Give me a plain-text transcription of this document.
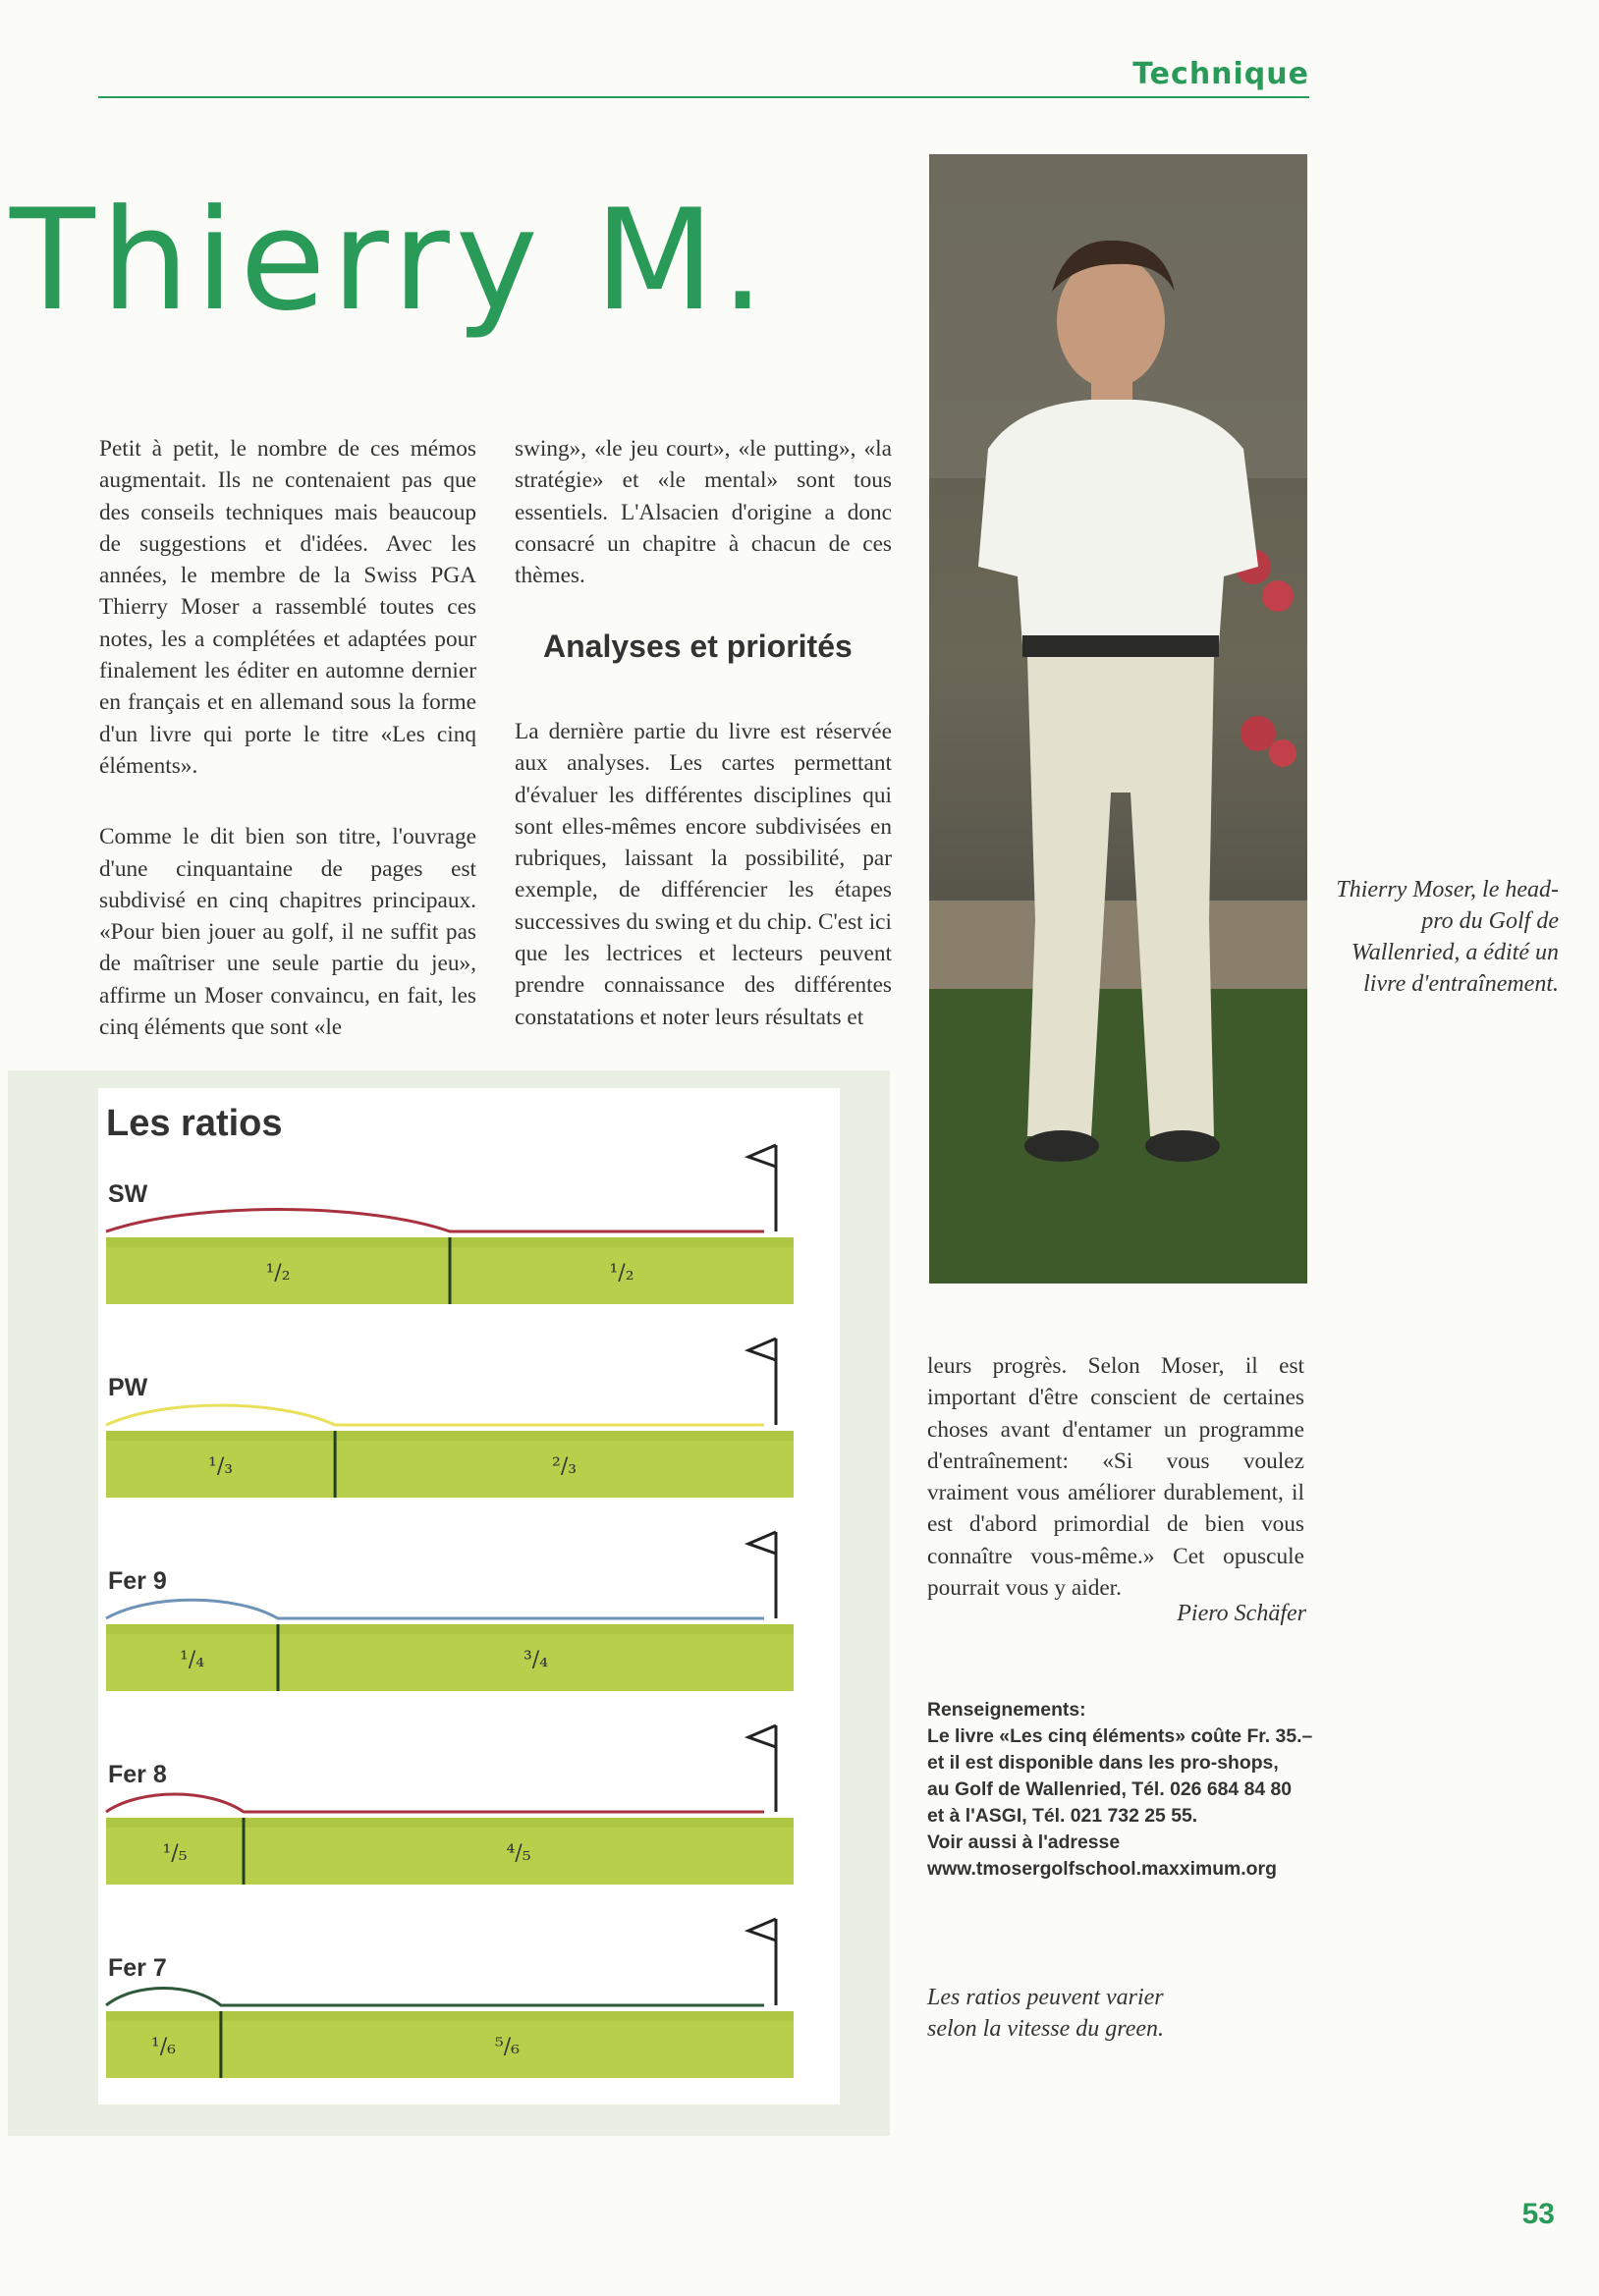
Technique
Thierry M.

Petit à petit, le nombre de ces mémos augmentait. Ils ne contenaient pas que des conseils techniques mais beaucoup de suggestions et d'idées. Avec les années, le membre de la Swiss PGA Thierry Moser a rassemblé toutes ces notes, les a complétées et adaptées pour finalement les éditer en automne dernier en français et en allemand sous la forme d'un livre qui porte le titre «Les cinq éléments».

Comme le dit bien son titre, l'ouvrage d'une cinquantaine de pages est subdivisé en cinq chapitres principaux. «Pour bien jouer au golf, il ne suffit pas de maîtriser une seule partie du jeu», affirme un Moser convaincu, en fait, les cinq éléments que sont «le

swing», «le jeu court», «le putting», «la stratégie» et «le mental» sont tous essentiels. L'Alsacien d'origine a donc consacré un chapitre à chacun de ces thèmes.

Analyses et priorités

La dernière partie du livre est réservée aux analyses. Les cartes permettant d'évaluer les différentes disciplines qui sont elles-mêmes encore subdivisées en rubriques, laissant la possibilité, par exemple, de différencier les étapes successives du swing et du chip. C'est ici que les lectrices et lecteurs peuvent prendre connaissance des différentes constatations et noter leurs résultats et

Thierry Moser, le head-pro du Golf de Wallenried, a édité un livre d'entraînement.

leurs progrès. Selon Moser, il est important d'être conscient de certaines choses avant d'entamer un programme d'entraînement: «Si vous voulez vraiment vous améliorer durablement, il est d'abord primordial de bien vous connaître vous-même.» Cet opuscule pourrait vous y aider.

Piero Schäfer
Renseignements:
Le livre «Les cinq éléments» coûte Fr. 35.–
et il est disponible dans les pro-shops,
au Golf de Wallenried, Tél. 026 684 84 80
et à l'ASGI, Tél. 021 732 25 55.
Voir aussi à l'adresse
www.tmosergolfschool.maxximum.org
Les ratios peuvent varier selon la vitesse du green.
53
Les ratios
SW
¹/₂	¹/₂
PW
¹/₃	²/₃
Fer 9
¹/₄	³/₄
Fer 8
¹/₅	⁴/₅
Fer 7
¹/₆	⁵/₆
